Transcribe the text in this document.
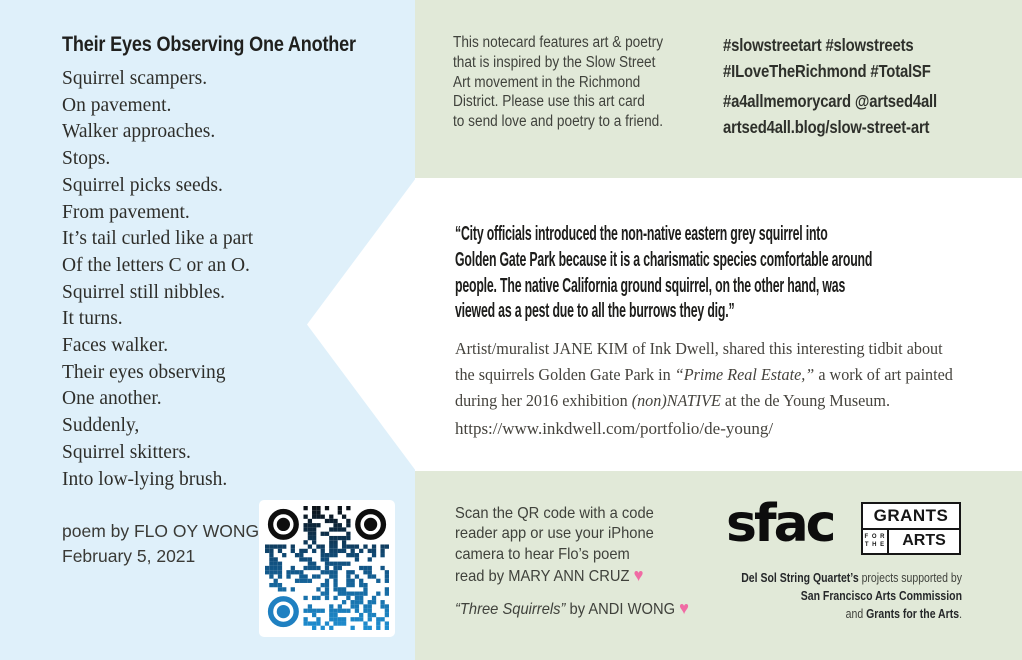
Their Eyes Observing One Another
Squirrel scampers.
On pavement.
Walker approaches.
Stops.
Squirrel picks seeds.
From pavement.
It’s tail curled like a part
Of the letters C or an O.
Squirrel still nibbles.
It turns.
Faces walker.
Their eyes observing
One another.
Suddenly,
Squirrel skitters.
Into low-lying brush.
poem by FLO OY WONG
February 5, 2021
This notecard features art & poetry
that is inspired by the Slow Street
Art movement in the Richmond
District. Please use this art card
to send love and poetry to a friend.
#slowstreetart #slowstreets
#ILoveTheRichmond #TotalSF
#a4allmemorycard @artsed4all
artsed4all.blog/slow-street-art
“City officials introduced the non-native eastern grey squirrel into
Golden Gate Park because it is a charismatic species comfortable around
people. The native California ground squirrel, on the other hand, was
viewed as a pest due to all the burrows they dig.”
Artist/muralist JANE KIM of Ink Dwell, shared this interesting tidbit about
the squirrels Golden Gate Park in “Prime Real Estate,” a work of art painted
during her 2016 exhibition (non)NATIVE at the de Young Museum.
https://www.inkdwell.com/portfolio/de-young/
Scan the QR code with a code
reader app or use your iPhone
camera to hear Flo’s poem
read by MARY ANN CRUZ ♥
“Three Squirrels” by ANDI WONG ♥
sfac	GRANTS
F O R
T H E	ARTS
Del Sol String Quartet’s projects supported by
San Francisco Arts Commission
and Grants for the Arts.
